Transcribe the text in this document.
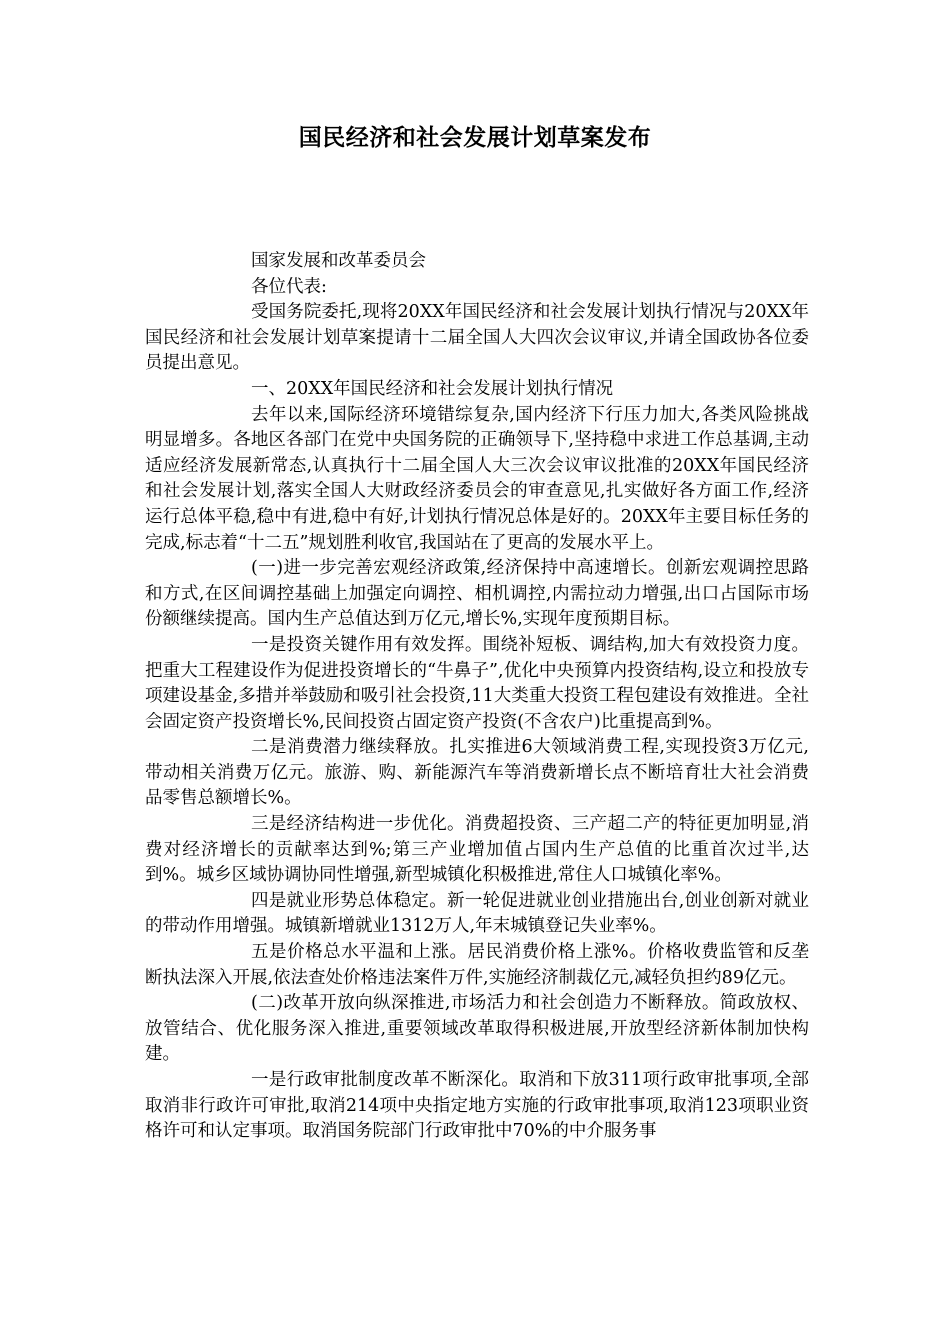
国民经济和社会发展计划草案发布

国家发展和改革委员会

各位代表:

受国务院委托,现将20XX年国民经济和社会发展计划执行情况与20XX年国民经济和社会发展计划草案提请十二届全国人大四次会议审议,并请全国政协各位委员提出意见。

一、20XX年国民经济和社会发展计划执行情况

去年以来,国际经济环境错综复杂,国内经济下行压力加大,各类风险挑战明显增多。各地区各部门在党中央国务院的正确领导下,坚持稳中求进工作总基调,主动适应经济发展新常态,认真执行十二届全国人大三次会议审议批准的20XX年国民经济和社会发展计划,落实全国人大财政经济委员会的审查意见,扎实做好各方面工作,经济运行总体平稳,稳中有进,稳中有好,计划执行情况总体是好的。20XX年主要目标任务的完成,标志着“十二五”规划胜利收官,我国站在了更高的发展水平上。

(一)进一步完善宏观经济政策,经济保持中高速增长。创新宏观调控思路和方式,在区间调控基础上加强定向调控、相机调控,内需拉动力增强,出口占国际市场份额继续提高。国内生产总值达到万亿元,增长%,实现年度预期目标。

一是投资关键作用有效发挥。围绕补短板、调结构,加大有效投资力度。把重大工程建设作为促进投资增长的“牛鼻子”,优化中央预算内投资结构,设立和投放专项建设基金,多措并举鼓励和吸引社会投资,11大类重大投资工程包建设有效推进。全社会固定资产投资增长%,民间投资占固定资产投资(不含农户)比重提高到%。

二是消费潜力继续释放。扎实推进6大领域消费工程,实现投资3万亿元,带动相关消费万亿元。旅游、购、新能源汽车等消费新增长点不断培育壮大社会消费品零售总额增长%。

三是经济结构进一步优化。消费超投资、三产超二产的特征更加明显,消费对经济增长的贡献率达到%;第三产业增加值占国内生产总值的比重首次过半,达到%。城乡区域协调协同性增强,新型城镇化积极推进,常住人口城镇化率%。

四是就业形势总体稳定。新一轮促进就业创业措施出台,创业创新对就业的带动作用增强。城镇新增就业1312万人,年末城镇登记失业率%。

五是价格总水平温和上涨。居民消费价格上涨%。价格收费监管和反垄断执法深入开展,依法查处价格违法案件万件,实施经济制裁亿元,减轻负担约89亿元。

(二)改革开放向纵深推进,市场活力和社会创造力不断释放。简政放权、放管结合、优化服务深入推进,重要领域改革取得积极进展,开放型经济新体制加快构建。

一是行政审批制度改革不断深化。取消和下放311项行政审批事项,全部取消非行政许可审批,取消214项中央指定地方实施的行政审批事项,取消123项职业资格许可和认定事项。取消国务院部门行政审批中70%的中介服务事
